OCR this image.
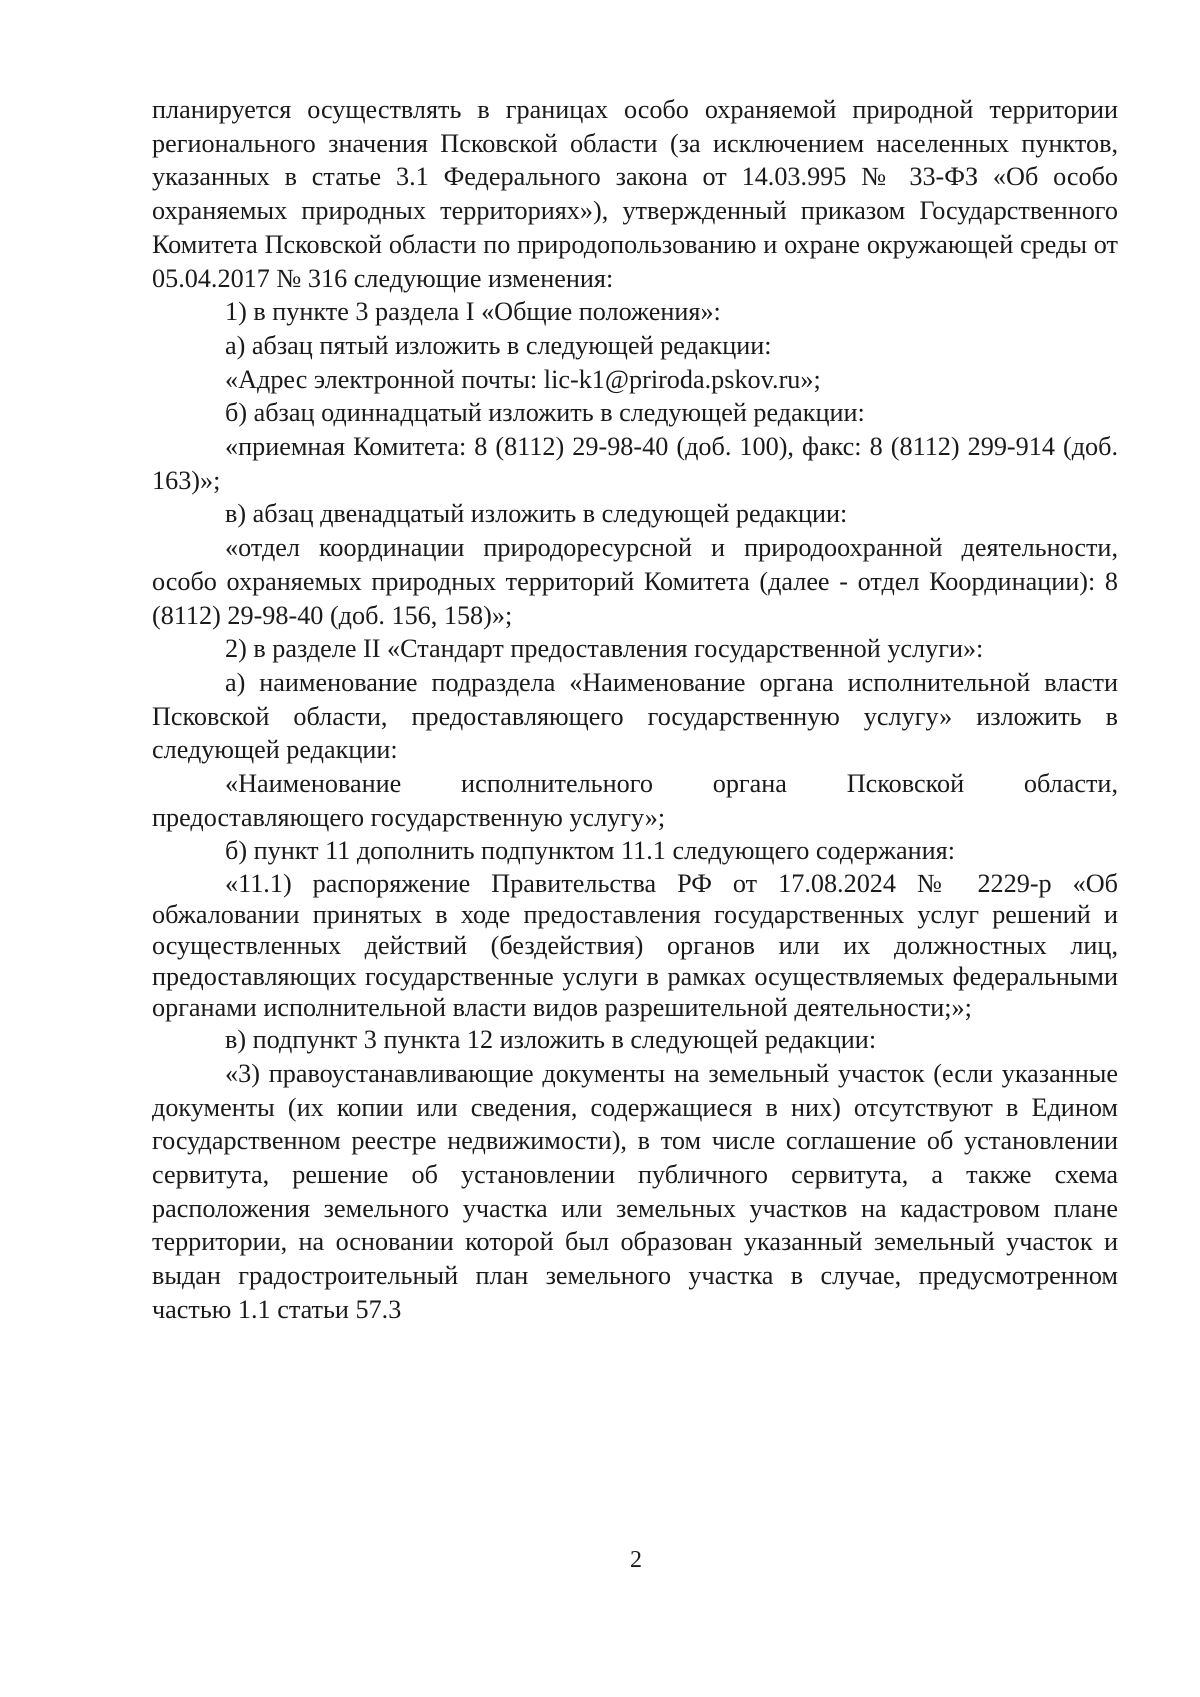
планируется осуществлять в границах особо охраняемой природной территории регионального значения Псковской области (за исключением населенных пунктов, указанных в статье 3.1 Федерального закона от 14.03.995 № 33-ФЗ «Об особо охраняемых природных территориях»), утвержденный приказом Государственного Комитета Псковской области по природопользованию и охране окружающей среды от 05.04.2017 № 316 следующие изменения:

1) в пункте 3 раздела I «Общие положения»:

а) абзац пятый изложить в следующей редакции:

«Адрес электронной почты: lic-k1@priroda.pskov.ru»;

б) абзац одиннадцатый изложить в следующей редакции:

«приемная Комитета: 8 (8112) 29-98-40 (доб. 100), факс: 8 (8112) 299-914 (доб. 163)»;

в) абзац двенадцатый изложить в следующей редакции:

«отдел координации природоресурсной и природоохранной деятельности, особо охраняемых природных территорий Комитета (далее - отдел Координации): 8 (8112) 29-98-40 (доб. 156, 158)»;

2) в разделе II «Стандарт предоставления государственной услуги»:

а) наименование подраздела «Наименование органа исполнительной власти Псковской области, предоставляющего государственную услугу» изложить в следующей редакции:

«Наименование исполнительного органа Псковской области, предоставляющего государственную услугу»;

б) пункт 11 дополнить подпунктом 11.1 следующего содержания:

«11.1) распоряжение Правительства РФ от 17.08.2024 № 2229-р «Об обжаловании принятых в ходе предоставления государственных услуг решений и осуществленных действий (бездействия) органов или их должностных лиц, предоставляющих государственные услуги в рамках осуществляемых федеральными органами исполнительной власти видов разрешительной деятельности;»;

в) подпункт 3 пункта 12 изложить в следующей редакции:

«3) правоустанавливающие документы на земельный участок (если указанные документы (их копии или сведения, содержащиеся в них) отсутствуют в Едином государственном реестре недвижимости), в том числе соглашение об установлении сервитута, решение об установлении публичного сервитута, а также схема расположения земельного участка или земельных участков на кадастровом плане территории, на основании которой был образован указанный земельный участок и выдан градостроительный план земельного участка в случае, предусмотренном частью 1.1 статьи 57.3

2
